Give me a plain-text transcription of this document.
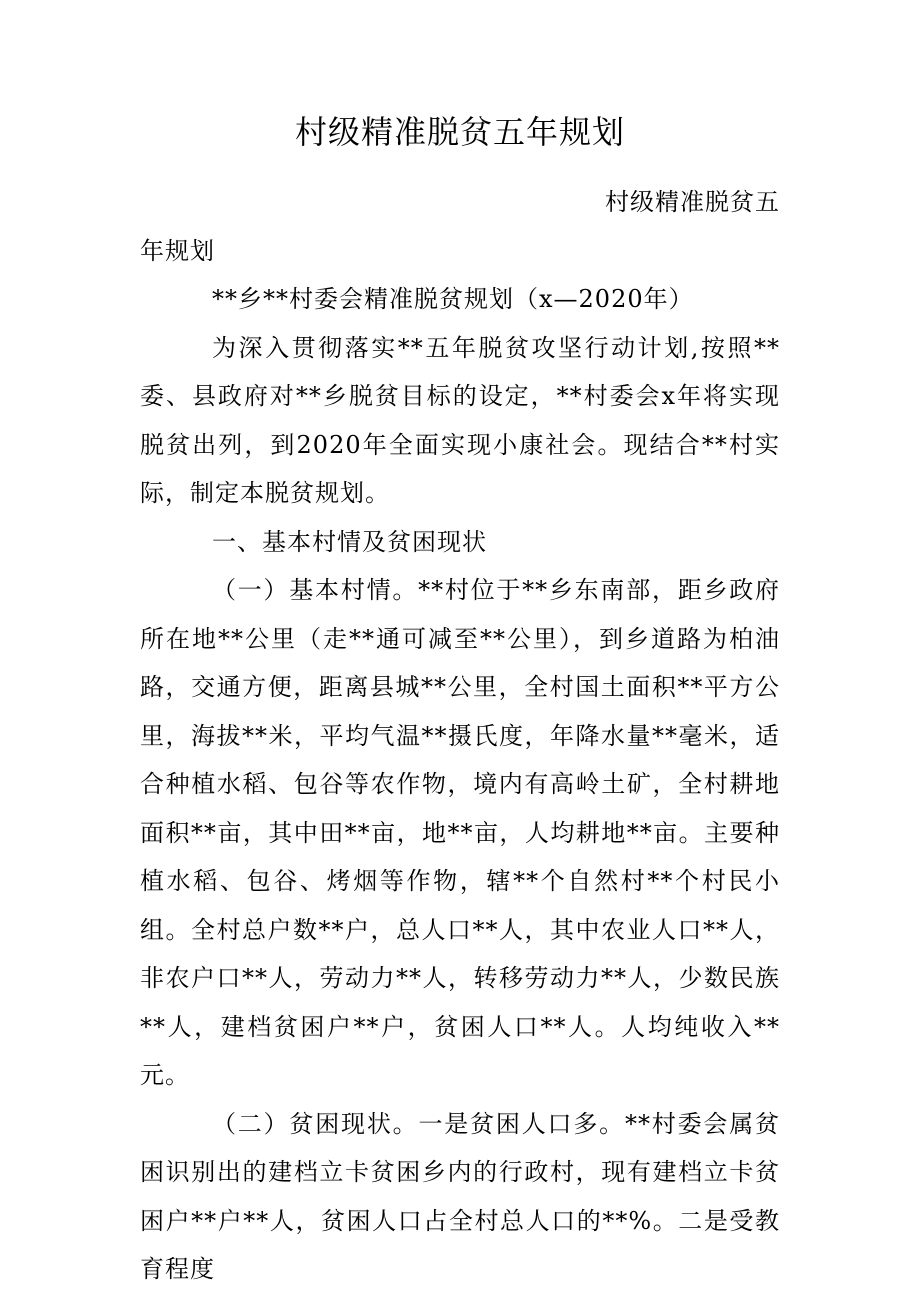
村级精准脱贫五年规划

村级精准脱贫五

年规划

**乡**村委会精准脱贫规划（x—2020年）

为深入贯彻落实**五年脱贫攻坚行动计划,按照**委、县政府对**乡脱贫目标的设定，**村委会x年将实现脱贫出列，到2020年全面实现小康社会。现结合**村实际，制定本脱贫规划。

一、基本村情及贫困现状

（一）基本村情。**村位于**乡东南部，距乡政府所在地**公里（走**通可减至**公里），到乡道路为柏油路，交通方便，距离县城**公里，全村国土面积**平方公里，海拔**米，平均气温**摄氏度，年降水量**毫米，适合种植水稻、包谷等农作物，境内有高岭土矿，全村耕地面积**亩，其中田**亩，地**亩，人均耕地**亩。主要种植水稻、包谷、烤烟等作物，辖**个自然村**个村民小组。全村总户数**户，总人口**人，其中农业人口**人，非农户口**人，劳动力**人，转移劳动力**人，少数民族**人，建档贫困户**户，贫困人口**人。人均纯收入**元。

（二）贫困现状。一是贫困人口多。**村委会属贫困识别出的建档立卡贫困乡内的行政村，现有建档立卡贫困户**户**人，贫困人口占全村总人口的**%。二是受教育程度
